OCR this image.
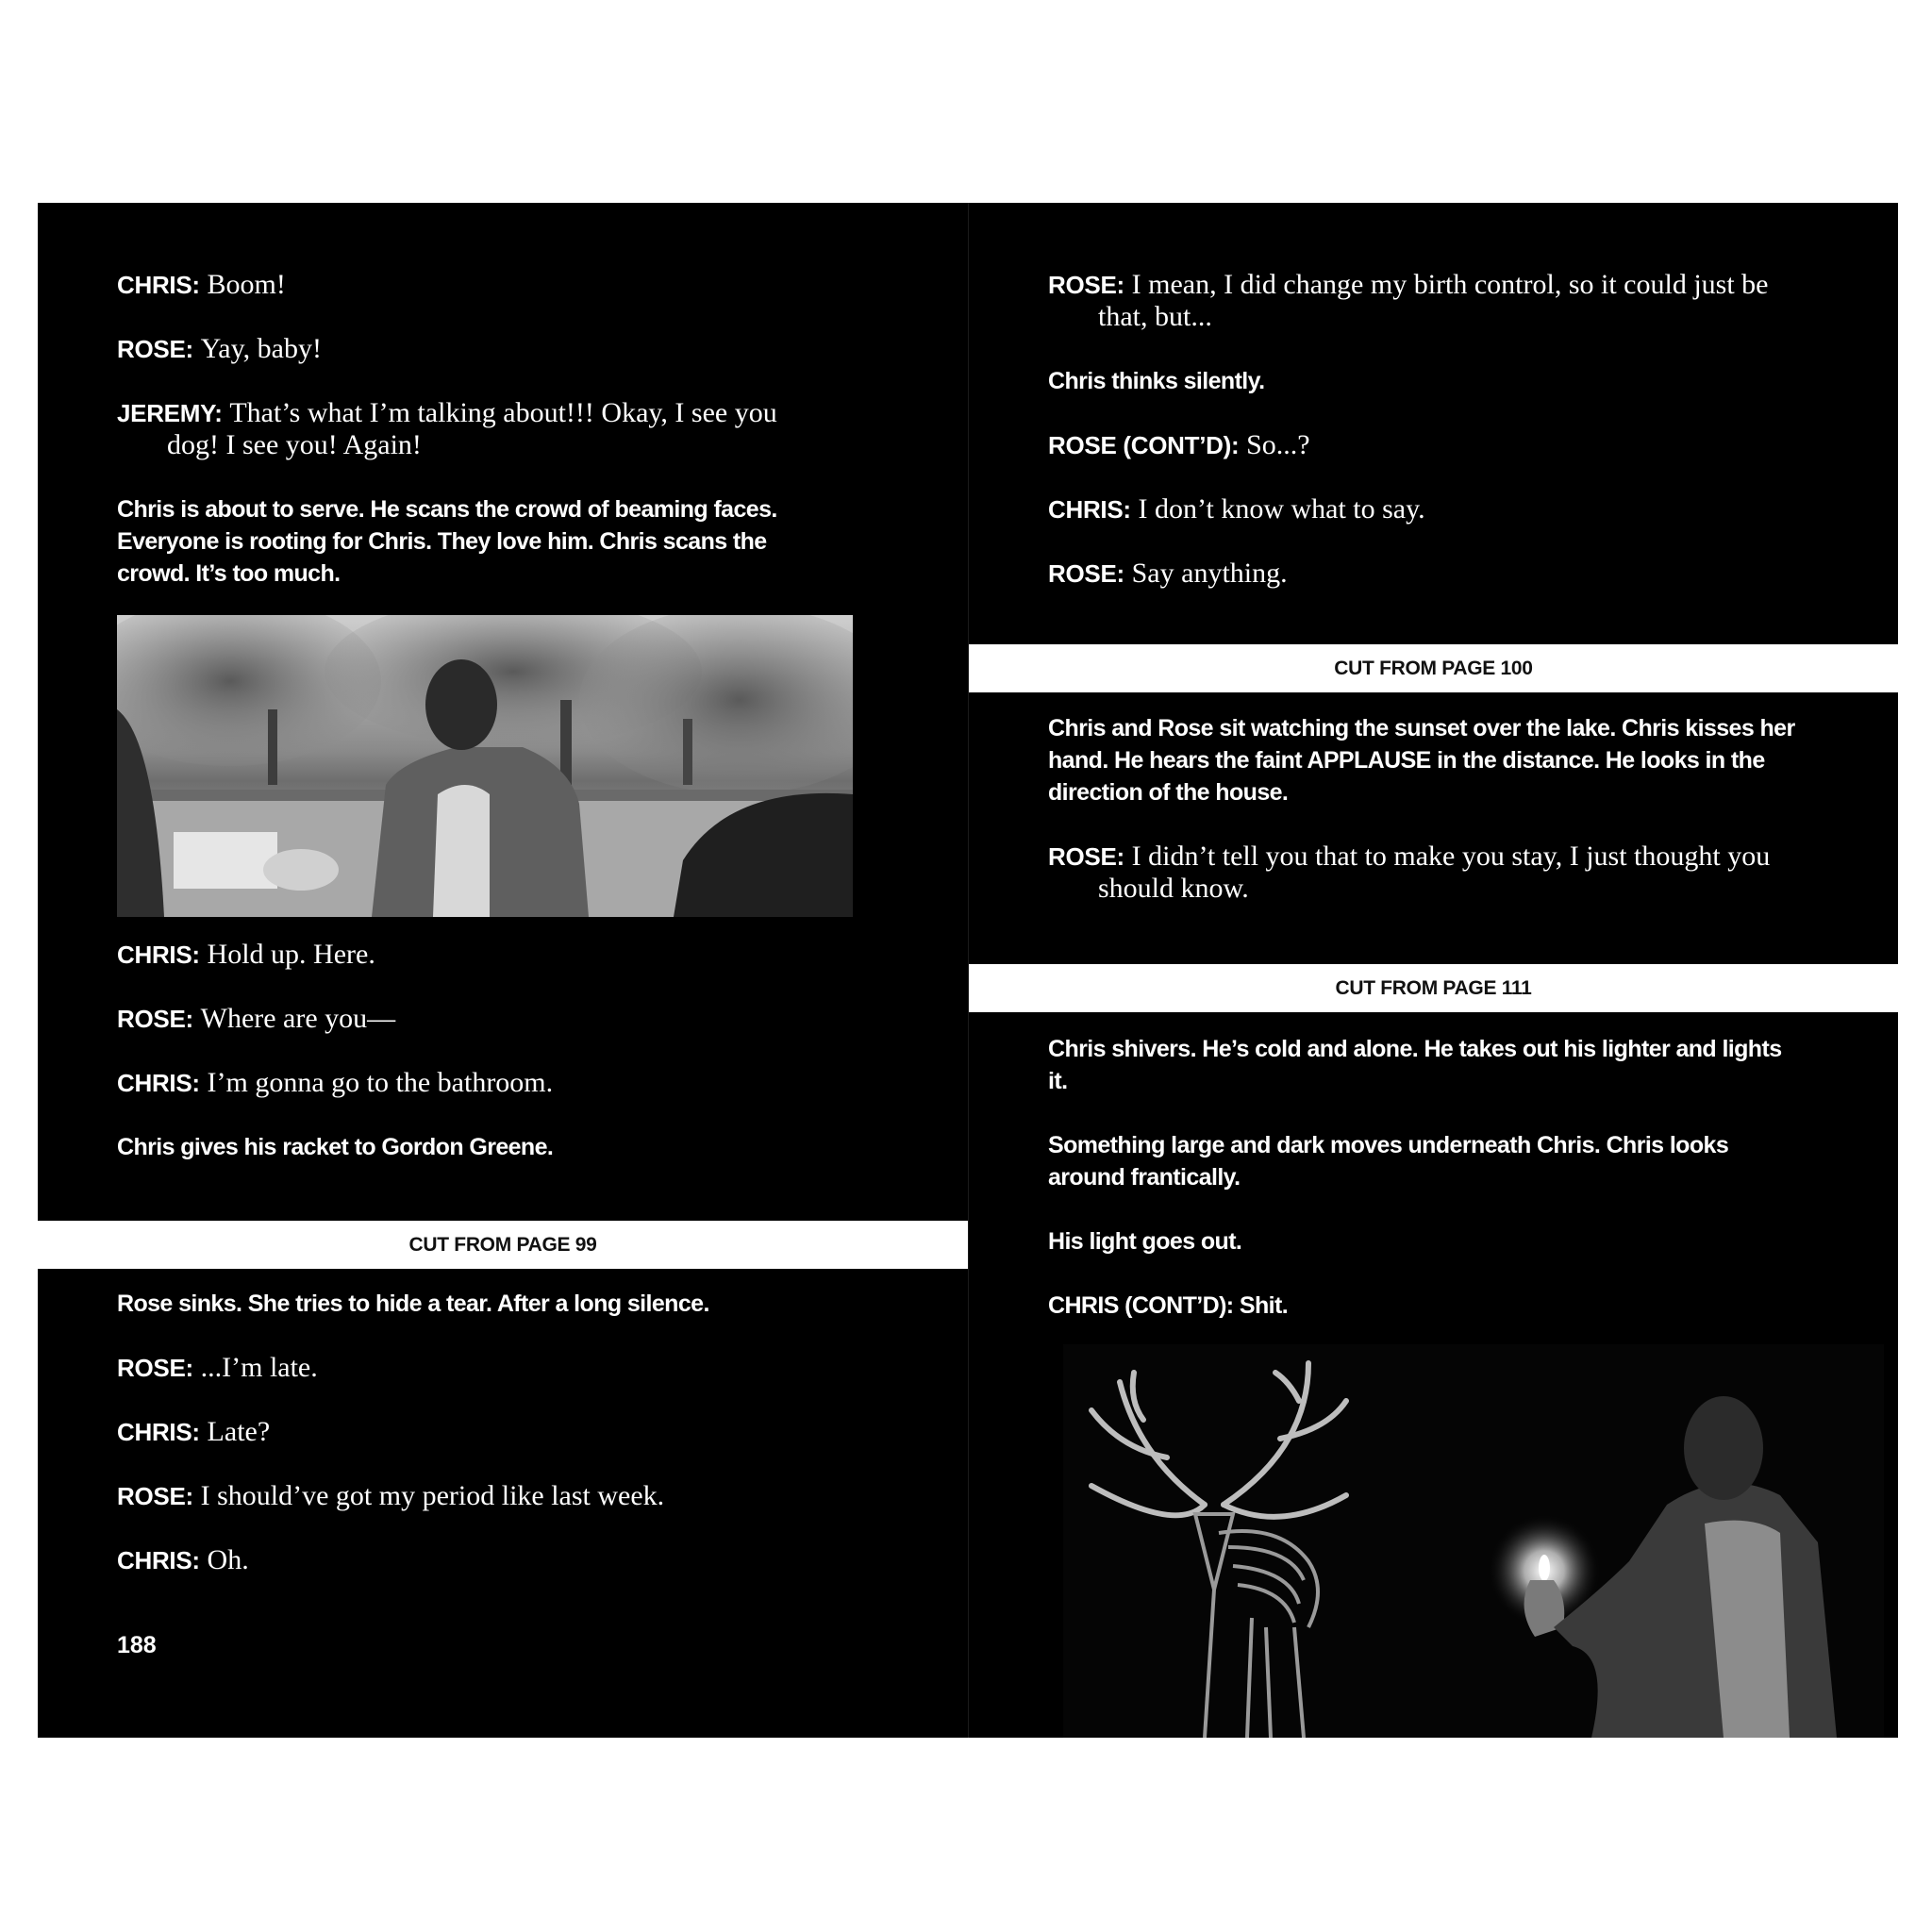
CHRIS: Boom!
ROSE: Yay, baby!
JEREMY: That’s what I’m talking about!!! Okay, I see you dog! I see you! Again!
Chris is about to serve. He scans the crowd of beaming faces. Everyone is rooting for Chris. They love him. Chris scans the crowd. It’s too much.
CHRIS: Hold up. Here.
ROSE: Where are you—
CHRIS: I’m gonna go to the bathroom.
Chris gives his racket to Gordon Greene.
CUT FROM PAGE 99
Rose sinks. She tries to hide a tear. After a long silence.
ROSE: ...I’m late.
CHRIS: Late?
ROSE: I should’ve got my period like last week.
CHRIS: Oh.
188
ROSE: I mean, I did change my birth control, so it could just be that, but...
Chris thinks silently.
ROSE (CONT’D): So...?
CHRIS: I don’t know what to say.
ROSE: Say anything.
CUT FROM PAGE 100
Chris and Rose sit watching the sunset over the lake. Chris kisses her hand. He hears the faint APPLAUSE in the distance. He looks in the direction of the house.
ROSE: I didn’t tell you that to make you stay, I just thought you should know.
CUT FROM PAGE 111
Chris shivers. He’s cold and alone. He takes out his lighter and lights it.
Something large and dark moves underneath Chris. Chris looks around frantically.
His light goes out.
CHRIS (CONT’D): Shit.
